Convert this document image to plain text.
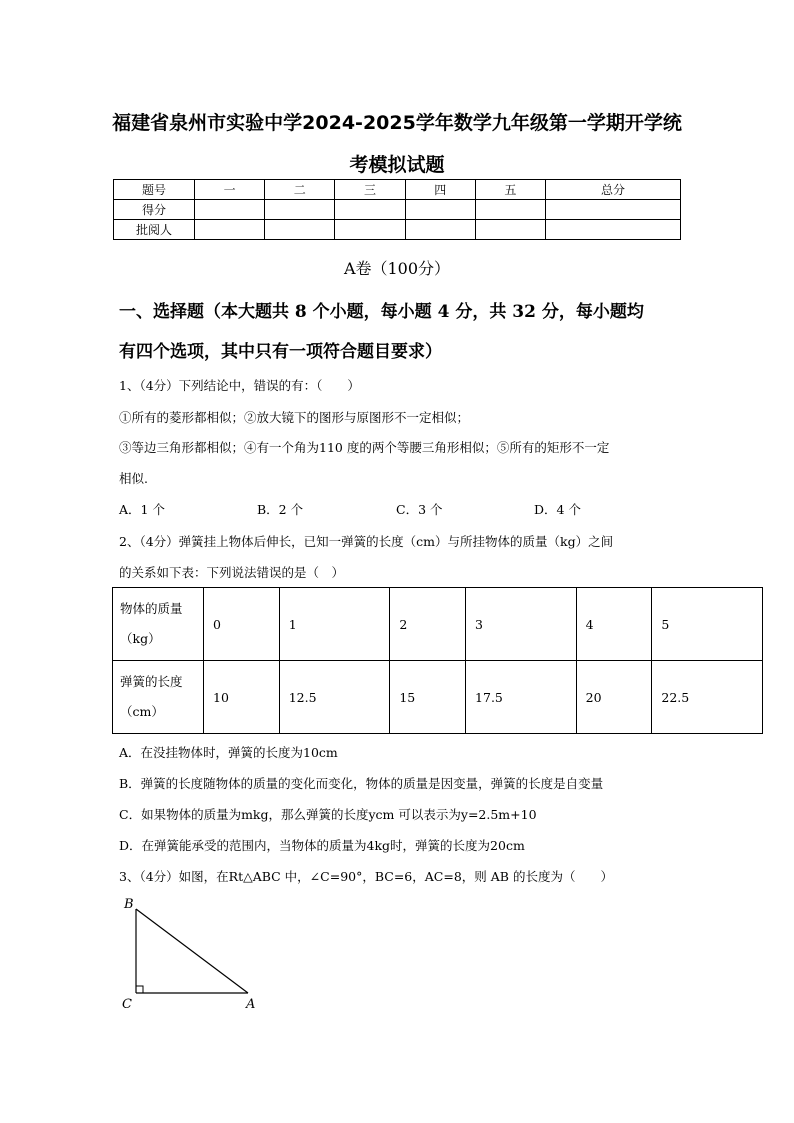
福建省泉州市实验中学2024-2025学年数学九年级第一学期开学统
考模拟试题
题号	一	二	三	四	五	总分
得分						
批阅人						
A卷（100分）
一、选择题（本大题共 8 个小题，每小题 4 分，共 32 分，每小题均
有四个选项，其中只有一项符合题目要求）
1、（4分）下列结论中，错误的有：（　　）
①所有的菱形都相似；②放大镜下的图形与原图形不一定相似；
③等边三角形都相似；④有一个角为110 度的两个等腰三角形相似；⑤所有的矩形不一定
相似.
A．1 个	B．2 个	C．3 个	D．4 个
2、（4分）弹簧挂上物体后伸长，已知一弹簧的长度（cm）与所挂物体的质量（kg）之间
的关系如下表：下列说法错误的是（　）
物体的质量
（kg）	0	1	2	3	4	5

弹簧的长度
（cm）	10	12.5	15	17.5	20	22.5
A．在没挂物体时，弹簧的长度为10cm
B．弹簧的长度随物体的质量的变化而变化，物体的质量是因变量，弹簧的长度是自变量
C．如果物体的质量为mkg，那么弹簧的长度ycm 可以表示为y=2.5m+10
D．在弹簧能承受的范围内，当物体的质量为4kg时，弹簧的长度为20cm
3、（4分）如图，在Rt△ABC 中，∠C=90°，BC=6，AC=8，则 AB 的长度为（　　）
B
C	A
